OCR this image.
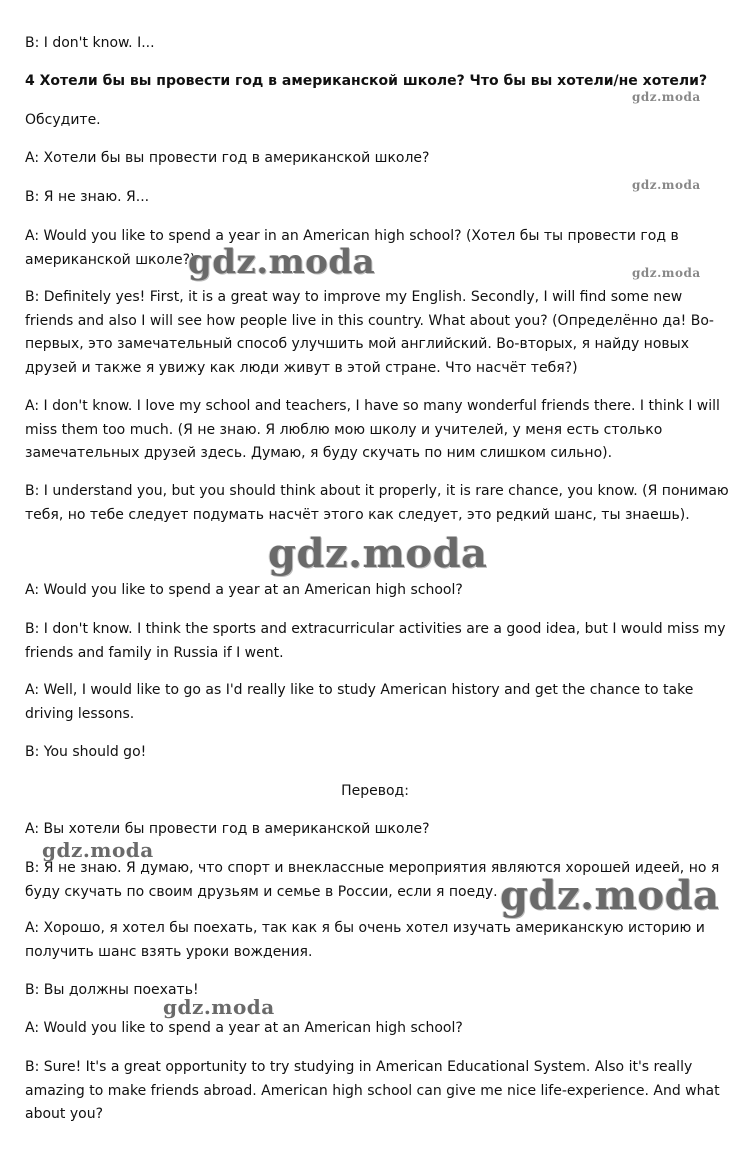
B: I don't know. I...
4 Хотели бы вы провести год в американской школе? Что бы вы хотели/не хотели?
Обсудите.
A: Хотели бы вы провести год в американской школе?
B: Я не знаю. Я...
A: Would you like to spend a year in an American high school? (Хотел бы ты провести год в американской школе?)
B: Definitely yes! First, it is a great way to improve my English. Secondly, I will find some new friends and also I will see how people live in this country. What about you? (Определённо да! Во-первых, это замечательный способ улучшить мой английский. Во-вторых, я найду новых друзей и также я увижу как люди живут в этой стране. Что насчёт тебя?)
A: I don't know. I love my school and teachers, I have so many wonderful friends there. I think I will miss them too much. (Я не знаю. Я люблю мою школу и учителей, у меня есть столько замечательных друзей здесь. Думаю, я буду скучать по ним слишком сильно).
B: I understand you, but you should think about it properly, it is rare chance, you know. (Я понимаю тебя, но тебе следует подумать насчёт этого как следует, это редкий шанс, ты знаешь).
A: Would you like to spend a year at an American high school?
B: I don't know. I think the sports and extracurricular activities are a good idea, but I would miss my friends and family in Russia if I went.
A: Well, I would like to go as I'd really like to study American history and get the chance to take driving lessons.
B: You should go!
Перевод:
A: Вы хотели бы провести год в американской школе?
B: Я не знаю. Я думаю, что спорт и внеклассные мероприятия являются хорошей идеей, но я буду скучать по своим друзьям и семье в России, если я поеду.
A: Хорошо, я хотел бы поехать, так как я бы очень хотел изучать американскую историю и получить шанс взять уроки вождения.
B: Вы должны поехать!
A: Would you like to spend a year at an American high school?
B: Sure! It's a great opportunity to try studying in American Educational System. Also it's really amazing to make friends abroad. American high school can give me nice life-experience. And what about you?
gdz.moda
gdz.moda
gdz.moda
gdz.moda
gdz.moda
gdz.moda
gdz.moda
gdz.moda
